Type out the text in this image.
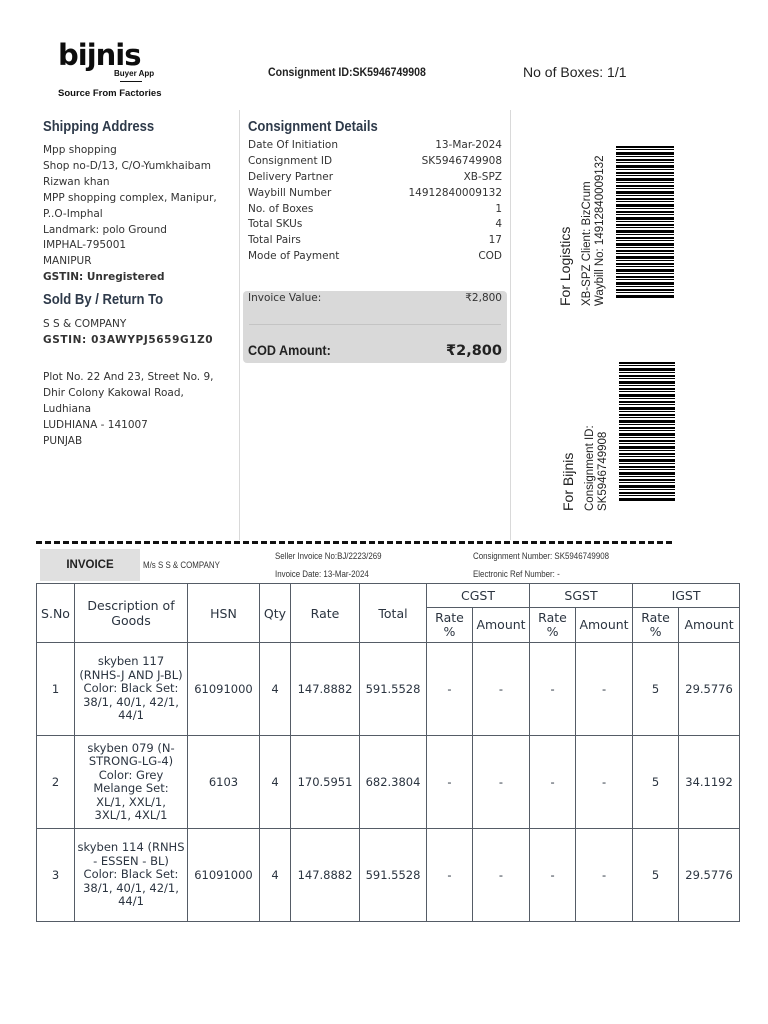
bijnis
Buyer App
Source From Factories
Consignment ID:SK5946749908	No of Boxes: 1/1
Shipping Address
Mpp shopping
Shop no-D/13, C/O-Yumkhaibam
Rizwan khan
MPP shopping complex, Manipur,
P..O-Imphal
Landmark: polo Ground
IMPHAL-795001
MANIPUR
GSTIN: Unregistered
Sold By / Return To
S S & COMPANY
GSTIN: 03AWYPJ5659G1Z0
Plot No. 22 And 23, Street No. 9,
Dhir Colony Kakowal Road,
Ludhiana
LUDHIANA - 141007
PUNJAB
Consignment Details
Date Of Initiation	13-Mar-2024
Consignment ID	SK5946749908
Delivery Partner	XB-SPZ
Waybill Number	14912840009132
No. of Boxes	1
Total SKUs	4
Total Pairs	17
Mode of Payment	COD
Invoice Value:	₹2,800
COD Amount:	₹2,800
For Logistics XB-SPZ Client: BizCrum Waybill No: 14912840009132
For Bijnis Consignment ID: SK5946749908
INVOICE	M/s S S & COMPANY
Seller Invoice No:BJ/2223/269
Invoice Date: 13-Mar-2024
Consignment Number: SK5946749908
Electronic Ref Number: -
S.No	Description of Goods	HSN	Qty	Rate	Total	CGST		SGST		IGST	
						Rate %	Amount	Rate %	Amount	Rate %	Amount
1	skyben 117 (RNHS-J AND J-BL) Color: Black Set: 38/1, 40/1, 42/1, 44/1	61091000	4	147.8882	591.5528	-	-	-	-	5	29.5776
2	skyben 079 (N-STRONG-LG-4) Color: Grey Melange Set: XL/1, XXL/1, 3XL/1, 4XL/1	6103	4	170.5951	682.3804	-	-	-	-	5	34.1192
3	skyben 114 (RNHS - ESSEN - BL) Color: Black Set: 38/1, 40/1, 42/1, 44/1	61091000	4	147.8882	591.5528	-	-	-	-	5	29.5776
